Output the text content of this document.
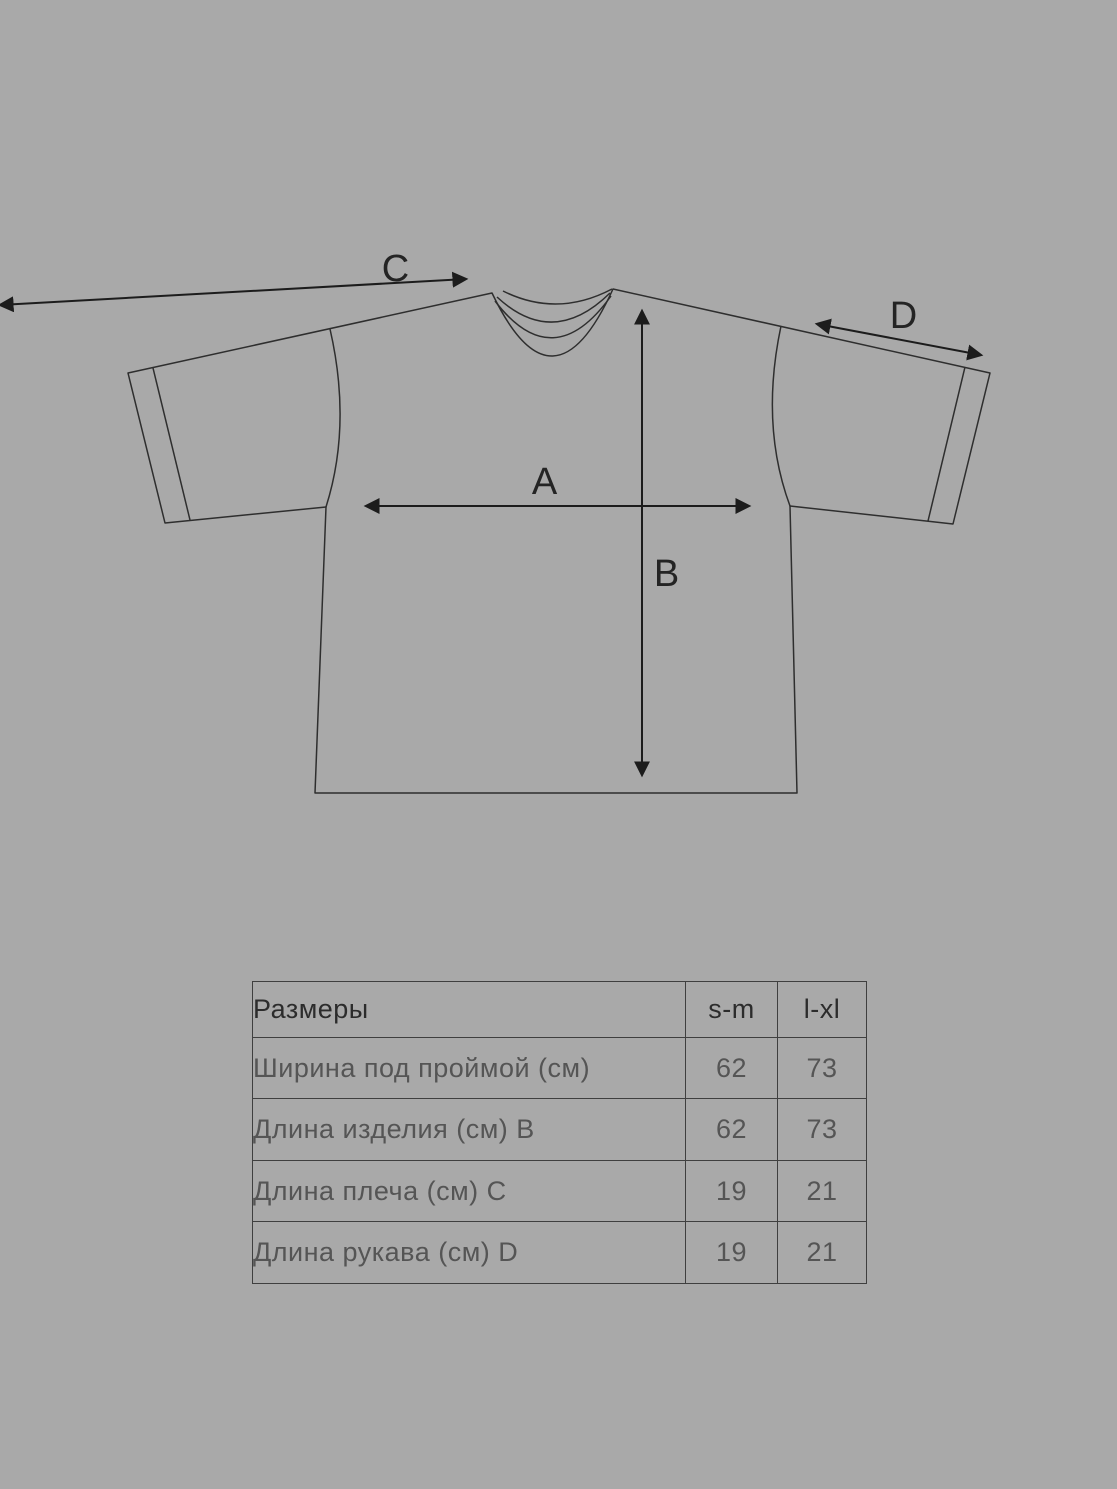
C
D
A
B
Размеры	s-m	l-xl
Ширина под проймой (см)	62	73
Длина изделия (см) B	62	73
Длина плеча (см) C	19	21
Длина рукава (см) D	19	21
